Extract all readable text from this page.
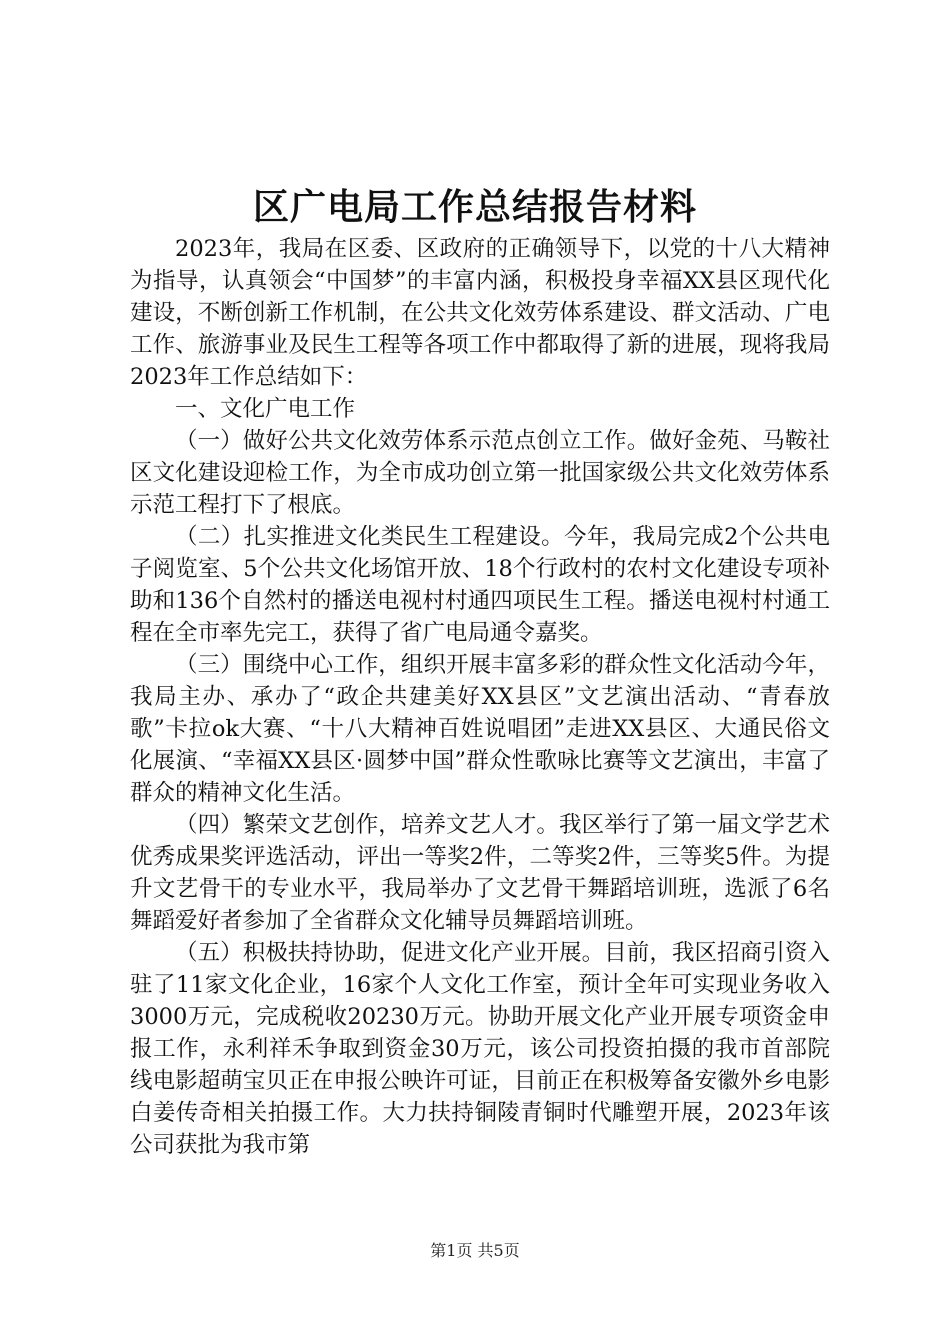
区广电局工作总结报告材料

2023年，我局在区委、区政府的正确领导下，以党的十八大精神为指导，认真领会“中国梦”的丰富内涵，积极投身幸福XX县区现代化建设，不断创新工作机制，在公共文化效劳体系建设、群文活动、广电工作、旅游事业及民生工程等各项工作中都取得了新的进展，现将我局2023年工作总结如下：

一、文化广电工作

（一）做好公共文化效劳体系示范点创立工作。做好金苑、马鞍社区文化建设迎检工作，为全市成功创立第一批国家级公共文化效劳体系示范工程打下了根底。

（二）扎实推进文化类民生工程建设。今年，我局完成2个公共电子阅览室、5个公共文化场馆开放、18个行政村的农村文化建设专项补助和136个自然村的播送电视村村通四项民生工程。播送电视村村通工程在全市率先完工，获得了省广电局通令嘉奖。

（三）围绕中心工作，组织开展丰富多彩的群众性文化活动今年，我局主办、承办了“政企共建美好XX县区”文艺演出活动、“青春放歌”卡拉ok大赛、“十八大精神百姓说唱团”走进XX县区、大通民俗文化展演、“幸福XX县区·圆梦中国”群众性歌咏比赛等文艺演出，丰富了群众的精神文化生活。

（四）繁荣文艺创作，培养文艺人才。我区举行了第一届文学艺术优秀成果奖评选活动，评出一等奖2件，二等奖2件，三等奖5件。为提升文艺骨干的专业水平，我局举办了文艺骨干舞蹈培训班，选派了6名舞蹈爱好者参加了全省群众文化辅导员舞蹈培训班。

（五）积极扶持协助，促进文化产业开展。目前，我区招商引资入驻了11家文化企业，16家个人文化工作室，预计全年可实现业务收入3000万元，完成税收20230万元。协助开展文化产业开展专项资金申报工作，永利祥禾争取到资金30万元，该公司投资拍摄的我市首部院线电影超萌宝贝正在申报公映许可证，目前正在积极筹备安徽外乡电影白姜传奇相关拍摄工作。大力扶持铜陵青铜时代雕塑开展，2023年该公司获批为我市第

第1页 共5页
